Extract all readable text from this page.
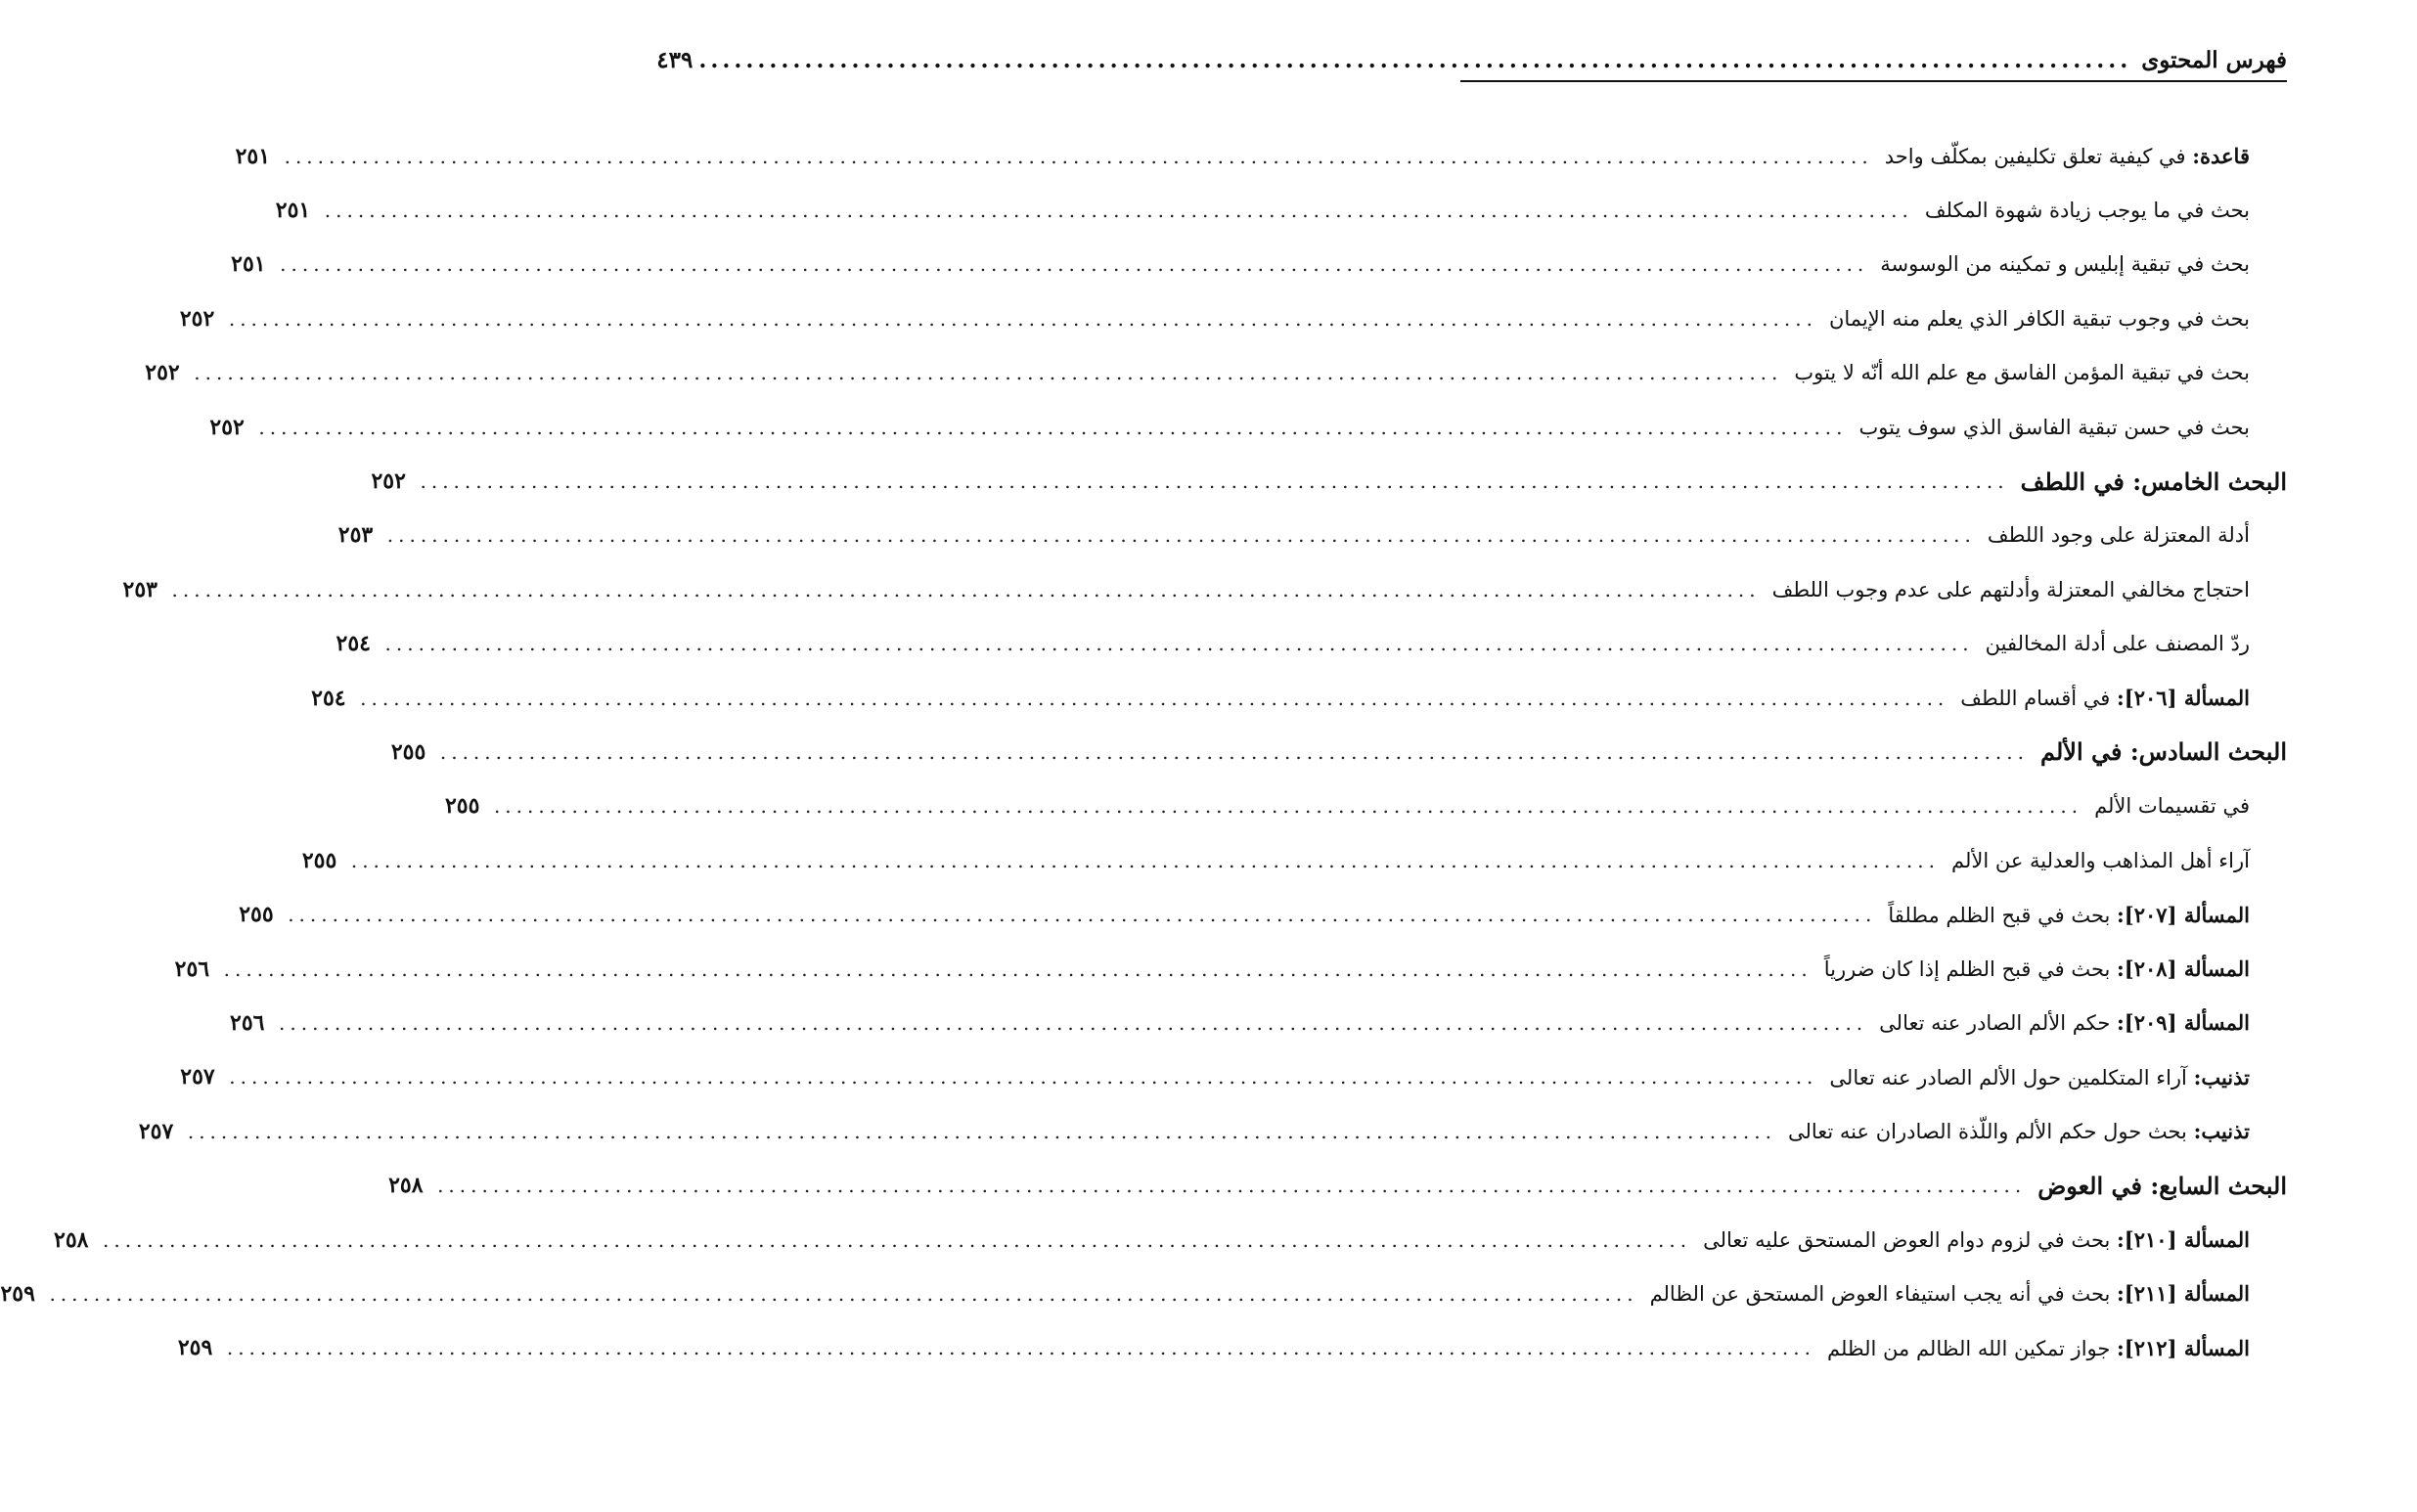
فهرس المحتوى
..........................................................................................................................
٤٣٩
قاعدة: في كيفية تعلق تكليفين بمكلّف واحد
...............................................................................................................................................
٢٥١
بحث في ما يوجب زيادة شهوة المكلف
...............................................................................................................................................
٢٥١
بحث في تبقية إبليس و تمكينه من الوسوسة
...............................................................................................................................................
٢٥١
بحث في وجوب تبقية الكافر الذي يعلم منه الإيمان
...............................................................................................................................................
٢٥٢
بحث في تبقية المؤمن الفاسق مع علم الله أنّه لا يتوب
...............................................................................................................................................
٢٥٢
بحث في حسن تبقية الفاسق الذي سوف يتوب
...............................................................................................................................................
٢٥٢
البحث الخامس: في اللطف
...............................................................................................................................................
٢٥٢
أدلة المعتزلة على وجود اللطف
...............................................................................................................................................
٢٥٣
احتجاج مخالفي المعتزلة وأدلتهم على عدم وجوب اللطف
...............................................................................................................................................
٢٥٣
ردّ المصنف على أدلة المخالفين
...............................................................................................................................................
٢٥٤
المسألة [٢٠٦]: في أقسام اللطف
...............................................................................................................................................
٢٥٤
البحث السادس: في الألم
...............................................................................................................................................
٢٥٥
في تقسيمات الألم
...............................................................................................................................................
٢٥٥
آراء أهل المذاهب والعدلية عن الألم
...............................................................................................................................................
٢٥٥
المسألة [٢٠٧]: بحث في قبح الظلم مطلقاً
...............................................................................................................................................
٢٥٥
المسألة [٢٠٨]: بحث في قبح الظلم إذا كان ضررياً
...............................................................................................................................................
٢٥٦
المسألة [٢٠٩]: حكم الألم الصادر عنه تعالى
...............................................................................................................................................
٢٥٦
تذنيب: آراء المتكلمين حول الألم الصادر عنه تعالى
...............................................................................................................................................
٢٥٧
تذنيب: بحث حول حكم الألم واللّذة الصادران عنه تعالى
...............................................................................................................................................
٢٥٧
البحث السابع: في العوض
...............................................................................................................................................
٢٥٨
المسألة [٢١٠]: بحث في لزوم دوام العوض المستحق عليه تعالى
...............................................................................................................................................
٢٥٨
المسألة [٢١١]: بحث في أنه يجب استيفاء العوض المستحق عن الظالم
...............................................................................................................................................
٢٥٩
المسألة [٢١٢]: جواز تمكين الله الظالم من الظلم
...............................................................................................................................................
٢٥٩
